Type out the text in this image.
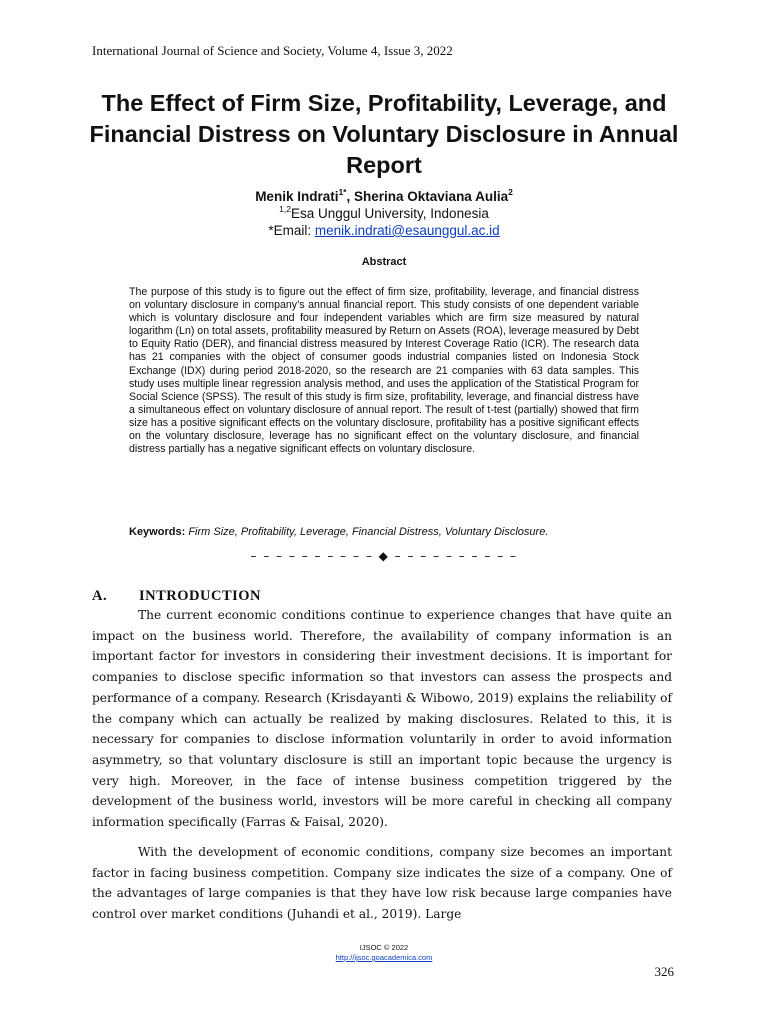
International Journal of Science and Society, Volume 4, Issue 3, 2022
The Effect of Firm Size, Profitability, Leverage, and Financial Distress on Voluntary Disclosure in Annual Report
Menik Indrati$^{1*}$, Sherina Oktaviana Aulia$^2$
$^{1,2}$Esa Unggul University, Indonesia
*Email: menik.indrati@esaunggul.ac.id
Abstract

The purpose of this study is to figure out the effect of firm size, profitability, leverage, and financial distress on voluntary disclosure in company’s annual financial report. This study consists of one dependent variable which is voluntary disclosure and four independent variables which are firm size measured by natural logarithm (Ln) on total assets, profitability measured by Return on Assets (ROA), leverage measured by Debt to Equity Ratio (DER), and financial distress measured by Interest Coverage Ratio (ICR). The research data has 21 companies with the object of consumer goods industrial companies listed on Indonesia Stock Exchange (IDX) during period 2018-2020, so the research are 21 companies with 63 data samples. This study uses multiple linear regression analysis method, and uses the application of the Statistical Program for Social Science (SPSS). The result of this study is firm size, profitability, leverage, and financial distress have a simultaneous effect on voluntary disclosure of annual report. The result of t-test (partially) showed that firm size has a positive significant effects on the voluntary disclosure, profitability has a positive significant effects on the voluntary disclosure, leverage has no significant effect on the voluntary disclosure, and financial distress partially has a negative significant effects on voluntary disclosure.

Keywords: Firm Size, Profitability, Leverage, Financial Distress, Voluntary Disclosure.
– – – – – – – – – – ◆ – – – – – – – – – –
A. INTRODUCTION

The current economic conditions continue to experience changes that have quite an impact on the business world. Therefore, the availability of company information is an important factor for investors in considering their investment decisions. It is important for companies to disclose specific information so that investors can assess the prospects and performance of a company. Research (Krisdayanti & Wibowo, 2019) explains the reliability of the company which can actually be realized by making disclosures. Related to this, it is necessary for companies to disclose information voluntarily in order to avoid information asymmetry, so that voluntary disclosure is still an important topic because the urgency is very high. Moreover, in the face of intense business competition triggered by the development of the business world, investors will be more careful in checking all company information specifically (Farras & Faisal, 2020).

With the development of economic conditions, company size becomes an important factor in facing business competition. Company size indicates the size of a company. One of the advantages of large companies is that they have low risk because large companies have control over market conditions (Juhandi et al., 2019). Large

IJSOC © 2022
http://ijsoc.goacademica.com
326
